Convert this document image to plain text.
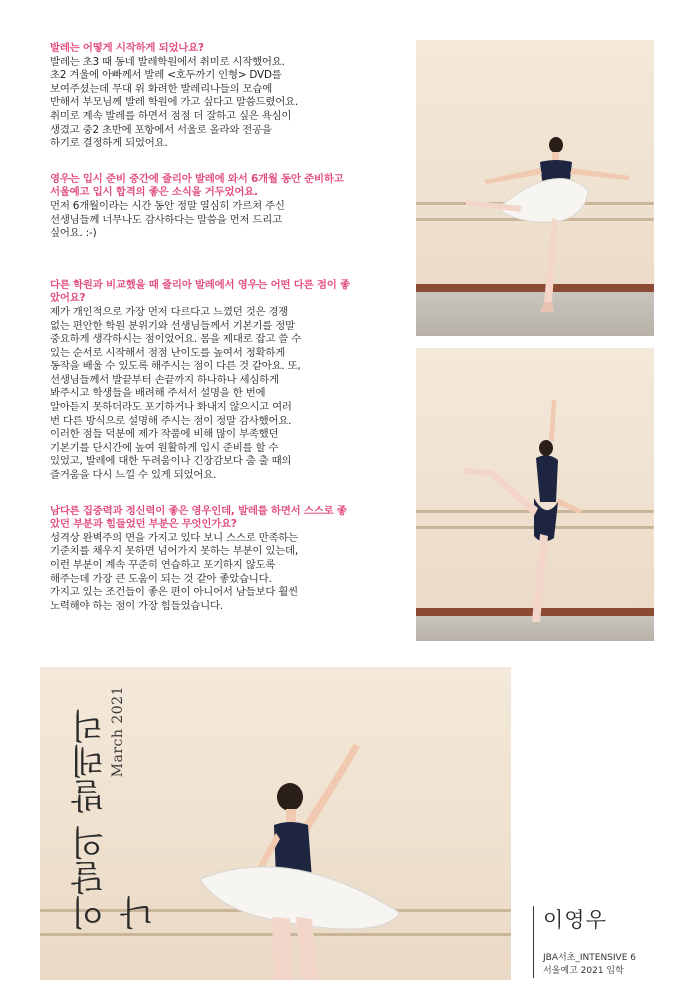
발레는 어떻게 시작하게 되었나요?
발레는 초3 때 동네 발레학원에서 취미로 시작했어요.
초2 겨울에 아빠께서 발레 <호두까기 인형> DVD를
보여주셨는데 무대 위 화려한 발레리나들의 모습에
반해서 부모님께 발레 학원에 가고 싶다고 말씀드렸어요.
취미로 계속 발레를 하면서 점점 더 잘하고 싶은 욕심이
생겼고 중2 초반에 포항에서 서울로 올라와 전공을
하기로 결정하게 되었어요.
영우는 입시 준비 중간에 줄리아 발레에 와서 6개월 동안 준비하고 서울예고 입시 합격의 좋은 소식을 거두었어요.
먼저 6개월이라는 시간 동안 정말 열심히 가르쳐 주신
선생님들께 너무나도 감사하다는 말씀을 먼저 드리고
싶어요. :-)
다른 학원과 비교했을 때 줄리아 발레에서 영우는 어떤 다른 점이 좋았어요?
제가 개인적으로 가장 먼저 다르다고 느꼈던 것은 경쟁
없는 편안한 학원 분위기와 선생님들께서 기본기를 정말
중요하게 생각하시는 점이었어요. 몸을 제대로 잡고 쓸 수
있는 순서로 시작해서 점점 난이도를 높여서 정확하게
동작을 배울 수 있도록 해주시는 점이 다른 것 같아요. 또,
선생님들께서 발끝부터 손끝까지 하나하나 세심하게
봐주시고 학생들을 배려해 주셔서 설명을 한 번에
알아듣지 못하더라도 포기하거나 화내지 않으시고 여러
번 다른 방식으로 설명해 주시는 점이 정말 감사했어요.
이러한 점들 덕분에 제가 작품에 비해 많이 부족했던
기본기를 단시간에 높여 원활하게 입시 준비를 할 수
있었고, 발레에 대한 두려움이나 긴장감보다 춤 출 때의
즐거움을 다시 느낄 수 있게 되었어요.
남다른 집중력과 정신력이 좋은 영우인데, 발레를 하면서 스스로 좋았던 부분과 힘들었던 부분은 무엇인가요?
성격상 완벽주의 면을 가지고 있다 보니 스스로 만족하는
기준치를 채우지 못하면 넘어가지 못하는 부분이 있는데,
이런 부분이 계속 꾸준히 연습하고 포기하지 않도록
해주는데 가장 큰 도움이 되는 것 같아 좋았습니다.
가지고 있는 조건들이 좋은 편이 아니어서 남들보다 훨씬
노력해야 하는 점이 가장 힘들었습니다.
이달의 발레리나
March 2021
이영우
JBA서초_INTENSIVE 6
서울예고 2021 입학
